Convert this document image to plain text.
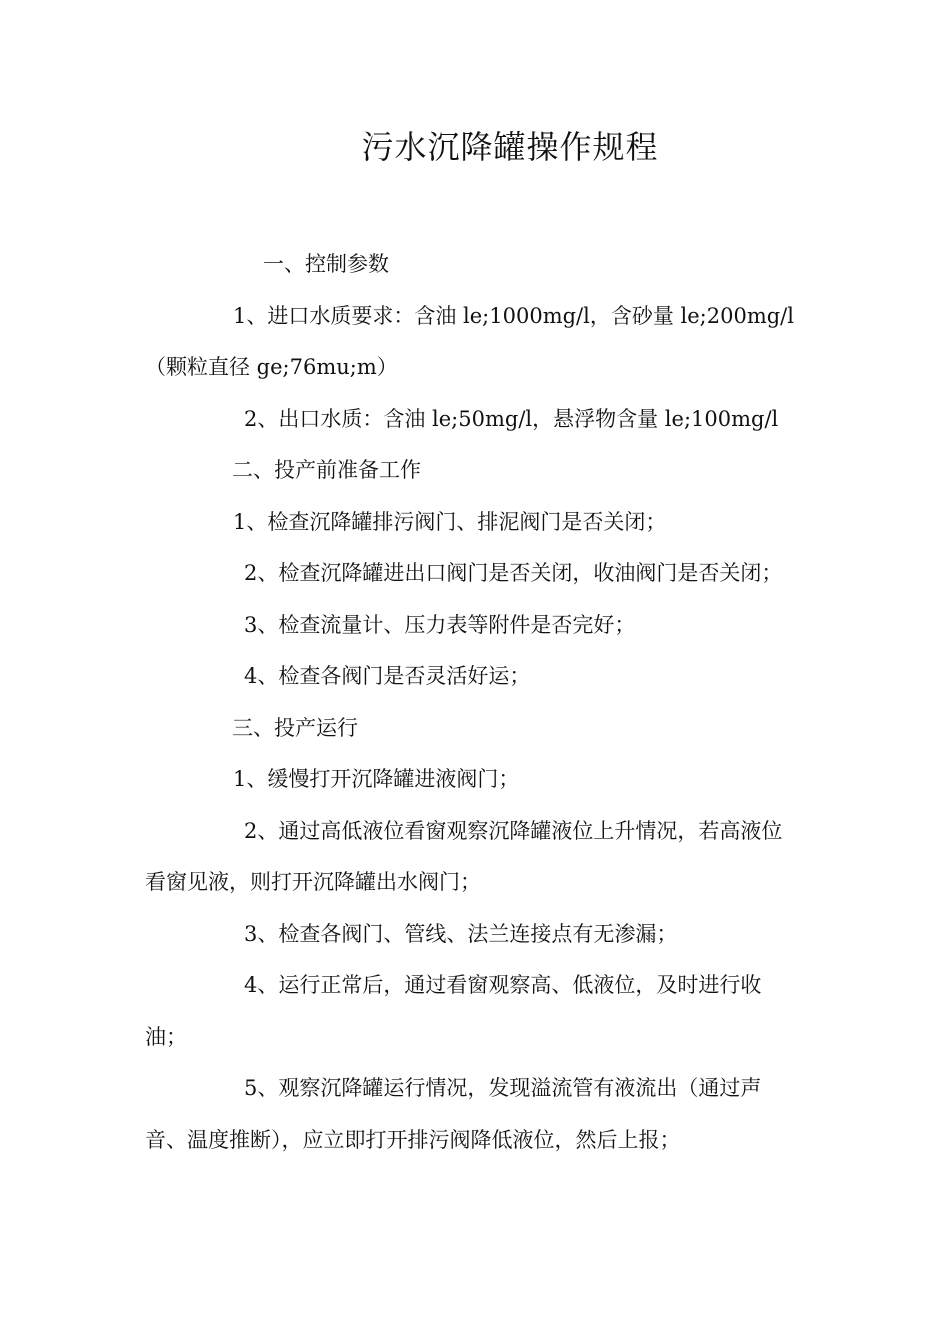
污水沉降罐操作规程

一、控制参数

1、进口水质要求：含油 le;1000mg/l，含砂量 le;200mg/l（颗粒直径 ge;76mu;m）

2、出口水质：含油 le;50mg/l，悬浮物含量 le;100mg/l

二、投产前准备工作

1、检查沉降罐排污阀门、排泥阀门是否关闭；

2、检查沉降罐进出口阀门是否关闭，收油阀门是否关闭；

3、检查流量计、压力表等附件是否完好；

4、检查各阀门是否灵活好运；

三、投产运行

1、缓慢打开沉降罐进液阀门；

2、通过高低液位看窗观察沉降罐液位上升情况，若高液位看窗见液，则打开沉降罐出水阀门；

3、检查各阀门、管线、法兰连接点有无渗漏；

4、运行正常后，通过看窗观察高、低液位，及时进行收油；

5、观察沉降罐运行情况，发现溢流管有液流出（通过声音、温度推断），应立即打开排污阀降低液位，然后上报；
